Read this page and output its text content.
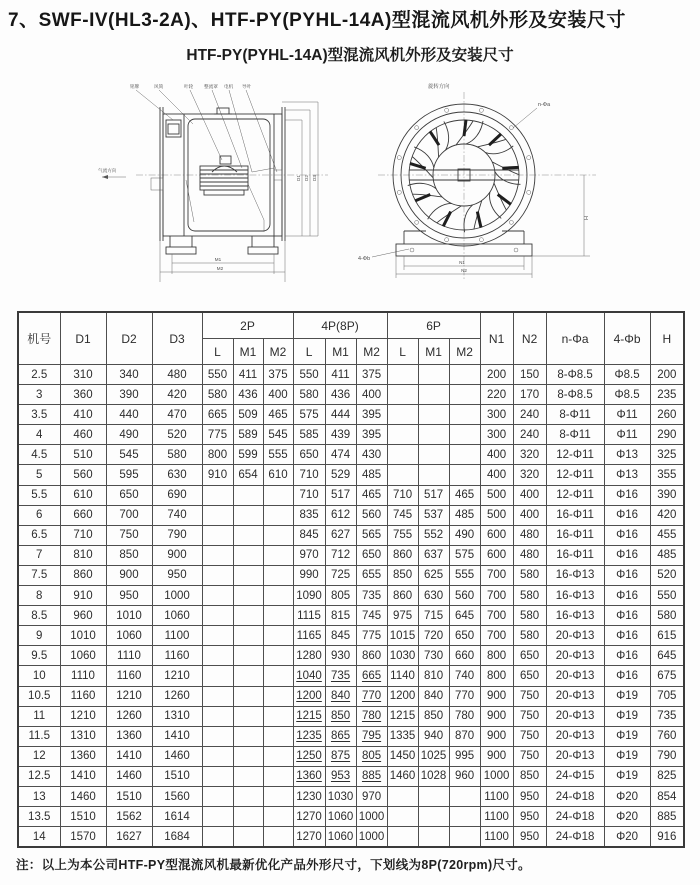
7、SWF-IV(HL3-2A)、HTF-PY(PYHL-14A)型混流风机外形及安装尺寸
HTF-PY(PYHL-14A)型混流风机外形及安装尺寸
铭牌	风筒	叶轮 整流罩 电机 导叶
气流方向
M1
M2
D1 D2 D3
旋转方向
n-Φa
4-Φb
H
N1
N2
机号	D1	D2	D3	2P			4P(8P)			6P			N1	N2	n-Φa	4-Φb	H
				L	M1	M2	L	M1	M2	L	M1	M2					
2.5	310	340	480	550	411	375	550	411	375				200	150	8-Φ8.5	Φ8.5	200
3	360	390	420	580	436	400	580	436	400				220	170	8-Φ8.5	Φ8.5	235
3.5	410	440	470	665	509	465	575	444	395				300	240	8-Φ11	Φ11	260
4	460	490	520	775	589	545	585	439	395				300	240	8-Φ11	Φ11	290
4.5	510	545	580	800	599	555	650	474	430				400	320	12-Φ11	Φ13	325
5	560	595	630	910	654	610	710	529	485				400	320	12-Φ11	Φ13	355
5.5	610	650	690				710	517	465	710	517	465	500	400	12-Φ11	Φ16	390
6	660	700	740				835	612	560	745	537	485	500	400	16-Φ11	Φ16	420
6.5	710	750	790				845	627	565	755	552	490	600	480	16-Φ11	Φ16	455
7	810	850	900				970	712	650	860	637	575	600	480	16-Φ11	Φ16	485
7.5	860	900	950				990	725	655	850	625	555	700	580	16-Φ13	Φ16	520
8	910	950	1000				1090	805	735	860	630	560	700	580	16-Φ13	Φ16	550
8.5	960	1010	1060				1115	815	745	975	715	645	700	580	16-Φ13	Φ16	580
9	1010	1060	1100				1165	845	775	1015	720	650	700	580	20-Φ13	Φ16	615
9.5	1060	1110	1160				1280	930	860	1030	730	660	800	650	20-Φ13	Φ16	645
10	1110	1160	1210				1040	735	665	1140	810	740	800	650	20-Φ13	Φ16	675
10.5	1160	1210	1260				1200	840	770	1200	840	770	900	750	20-Φ13	Φ19	705
11	1210	1260	1310				1215	850	780	1215	850	780	900	750	20-Φ13	Φ19	735
11.5	1310	1360	1410				1235	865	795	1335	940	870	900	750	20-Φ13	Φ19	760
12	1360	1410	1460				1250	875	805	1450	1025	995	900	750	20-Φ13	Φ19	790
12.5	1410	1460	1510				1360	953	885	1460	1028	960	1000	850	24-Φ15	Φ19	825
13	1460	1510	1560				1230	1030	970				1100	950	24-Φ18	Φ20	854
13.5	1510	1562	1614				1270	1060	1000				1100	950	24-Φ18	Φ20	885
14	1570	1627	1684				1270	1060	1000				1100	950	24-Φ18	Φ20	916
注：以上为本公司HTF-PY型混流风机最新优化产品外形尺寸，下划线为8P(720rpm)尺寸。
